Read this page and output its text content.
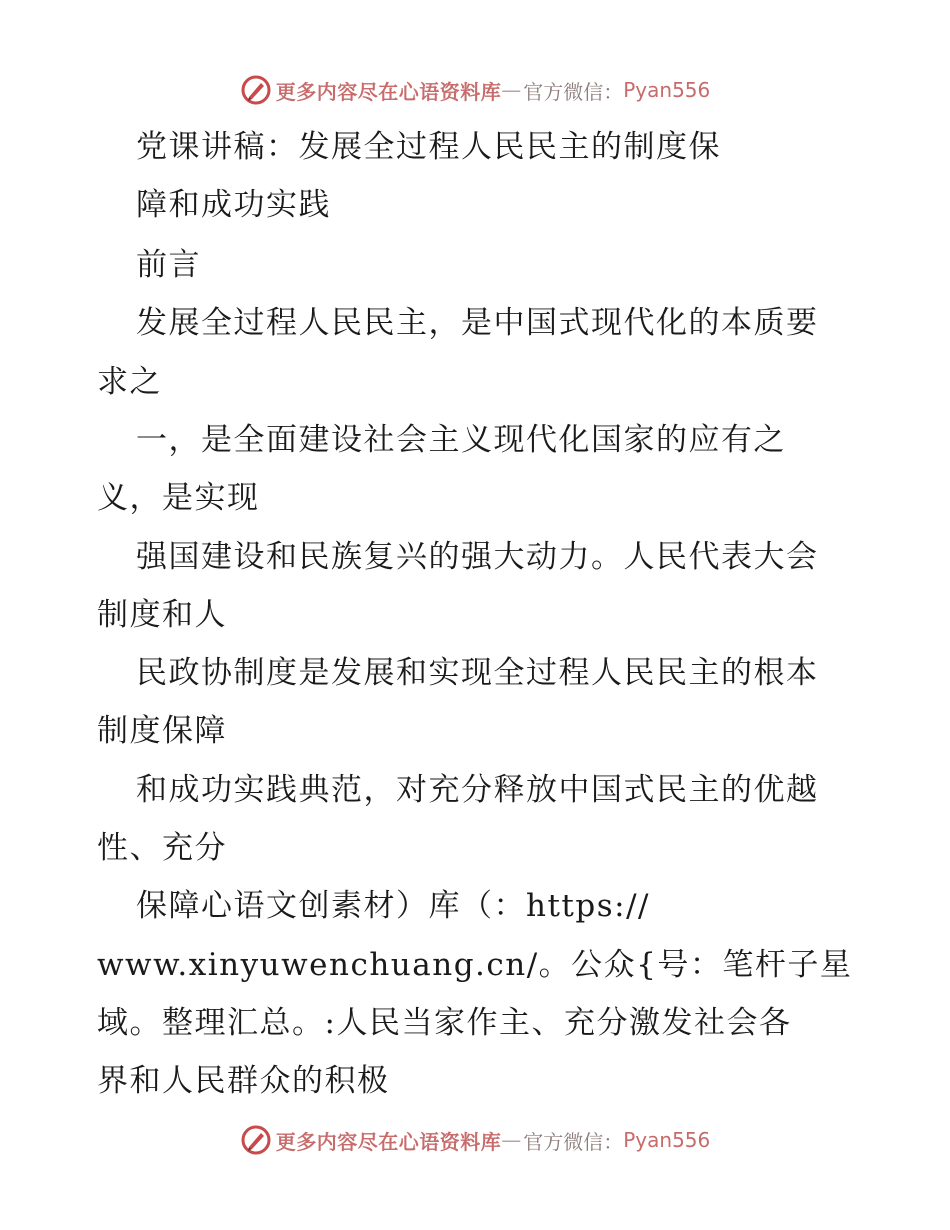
更多内容尽在心语资料库 — 官方微信： Pyan556
党课讲稿：发展全过程人民民主的制度保
障和成功实践
前言
发展全过程人民民主，是中国式现代化的本质要
求之
一，是全面建设社会主义现代化国家的应有之
义，是实现
强国建设和民族复兴的强大动力。人民代表大会
制度和人
民政协制度是发展和实现全过程人民民主的根本
制度保障
和成功实践典范，对充分释放中国式民主的优越
性、充分
保障心语文创素材）库（：https://
www.xinyuwenchuang.cn/。公众{号：笔杆子星
域。整理汇总。:人民当家作主、充分激发社会各
界和人民群众的积极
更多内容尽在心语资料库 — 官方微信： Pyan556
